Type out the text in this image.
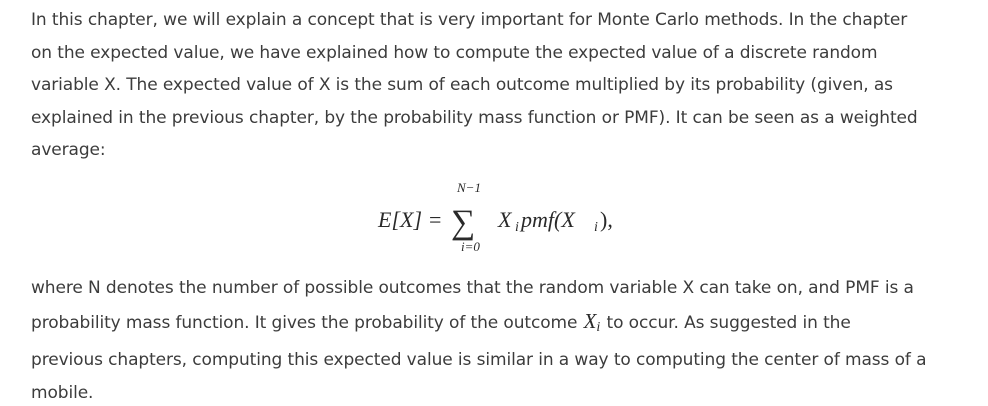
In this chapter, we will explain a concept that is very important for Monte Carlo methods. In the chapter
on the expected value, we have explained how to compute the expected value of a discrete random
variable X. The expected value of X is the sum of each outcome multiplied by its probability (given, as
explained in the previous chapter, by the probability mass function or PMF). It can be seen as a weighted
average:

E[X] =
N−1
∑
i=0
X i pmf(X i ),

where N denotes the number of possible outcomes that the random variable X can take on, and PMF is a
probability mass function. It gives the probability of the outcome $X_i$ to occur. As suggested in the
previous chapters, computing this expected value is similar in a way to computing the center of mass of a
mobile.
